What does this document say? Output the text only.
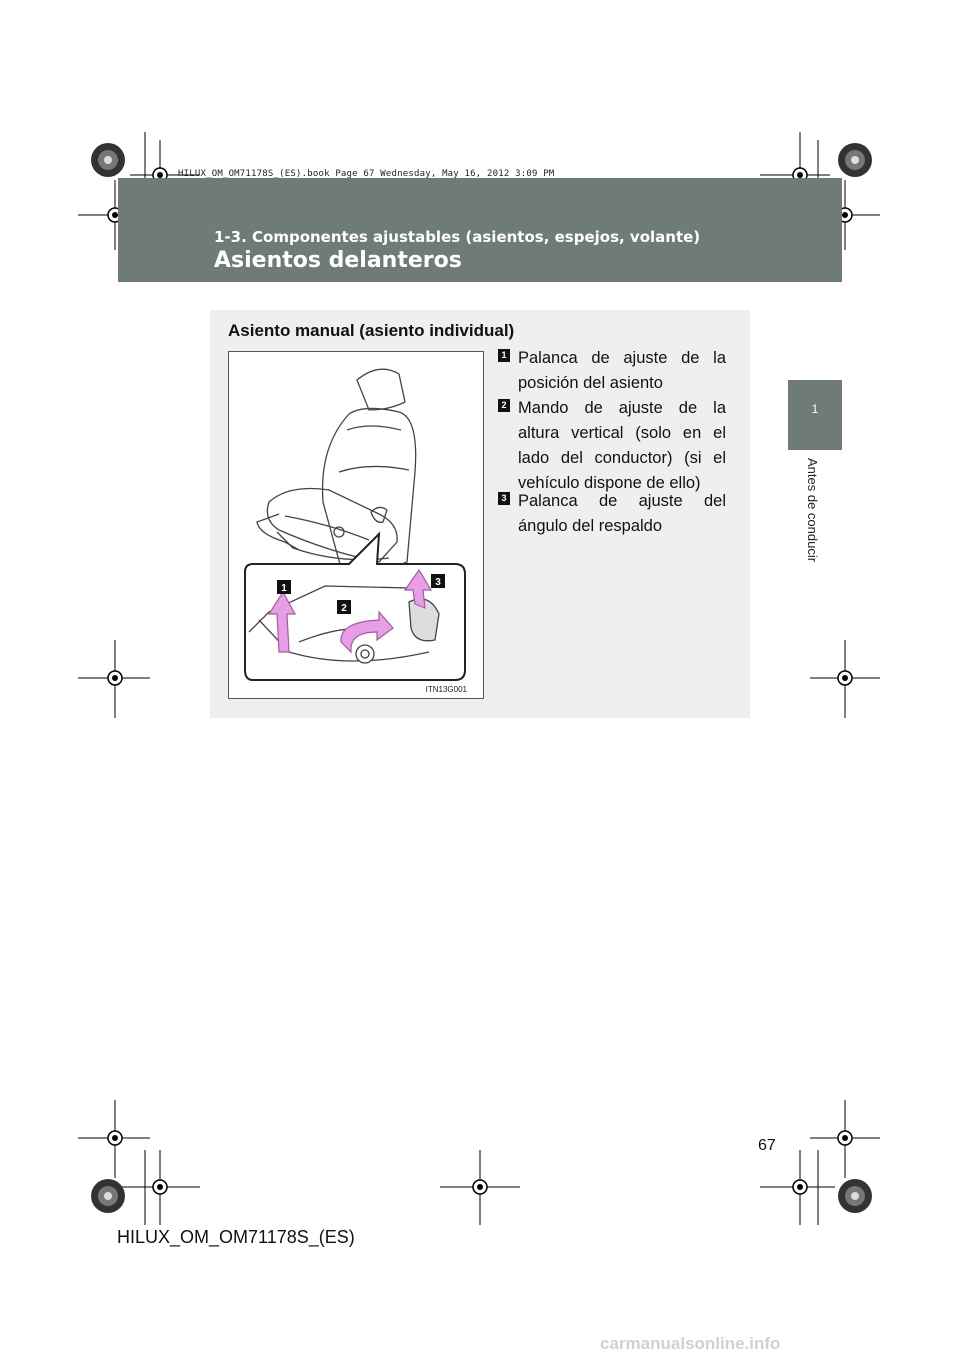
HILUX_OM_OM71178S_(ES).book Page 67 Wednesday, May 16, 2012 3:09 PM
1-3. Componentes ajustables (asientos, espejos, volante)
Asientos delanteros
1
Antes de conducir
Asiento manual (asiento individual)
1
2
3
ITN13G001
1 Palanca de ajuste de la posición del asiento
2 Mando de ajuste de la altura vertical (solo en el lado del conductor) (si el vehículo dispone de ello)
3 Palanca de ajuste del ángulo del respaldo
67
HILUX_OM_OM71178S_(ES)
carmanualsonline.info
